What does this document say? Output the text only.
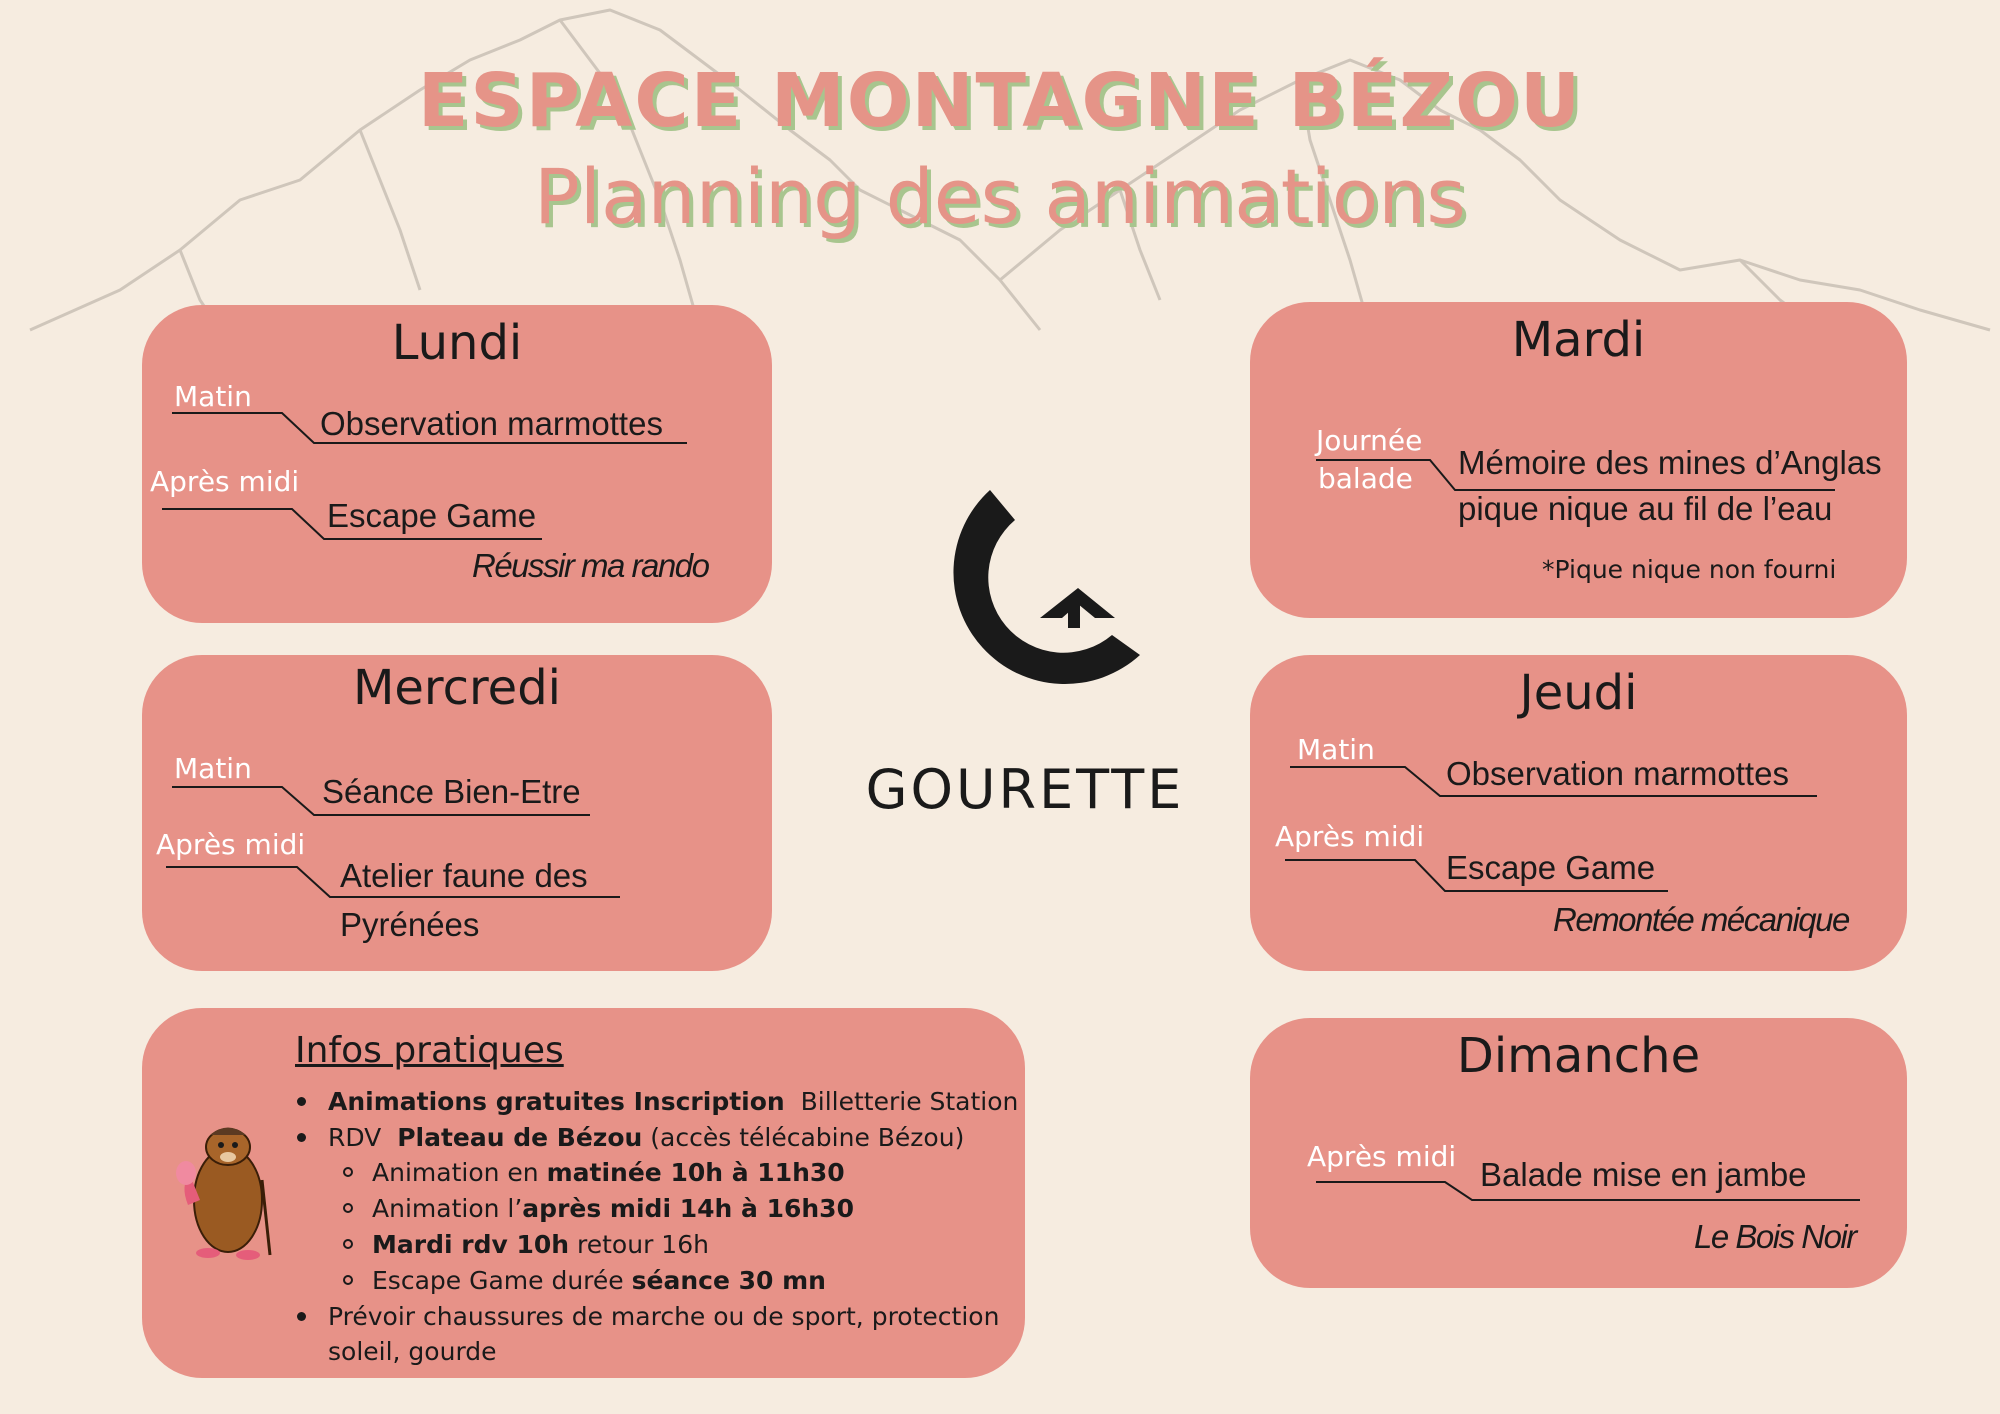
ESPACE MONTAGNE BÉZOU
Planning des animations
Lundi
Matin
Observation marmottes
Après midi
Escape Game
Réussir ma rando
Mardi
Journée
balade Mémoire des mines d’Anglas
pique nique au fil de l’eau
*Pique nique non fourni
Mercredi
Matin
Séance Bien-Etre
Après midi
Atelier faune des
Pyrénées
Jeudi
Matin
Observation marmottes
Après midi
Escape Game
Remontée mécanique
Dimanche
Après midi Balade mise en jambe
Le Bois Noir
GOURETTE
Infos pratiques
Animations gratuites Inscription Billetterie Station
RDV Plateau de Bézou (accès télécabine Bézou)
Animation en matinée 10h à 11h30
Animation l’après midi 14h à 16h30
Mardi rdv 10h retour 16h
Escape Game durée séance 30 mn
Prévoir chaussures de marche ou de sport, protection
soleil, gourde
